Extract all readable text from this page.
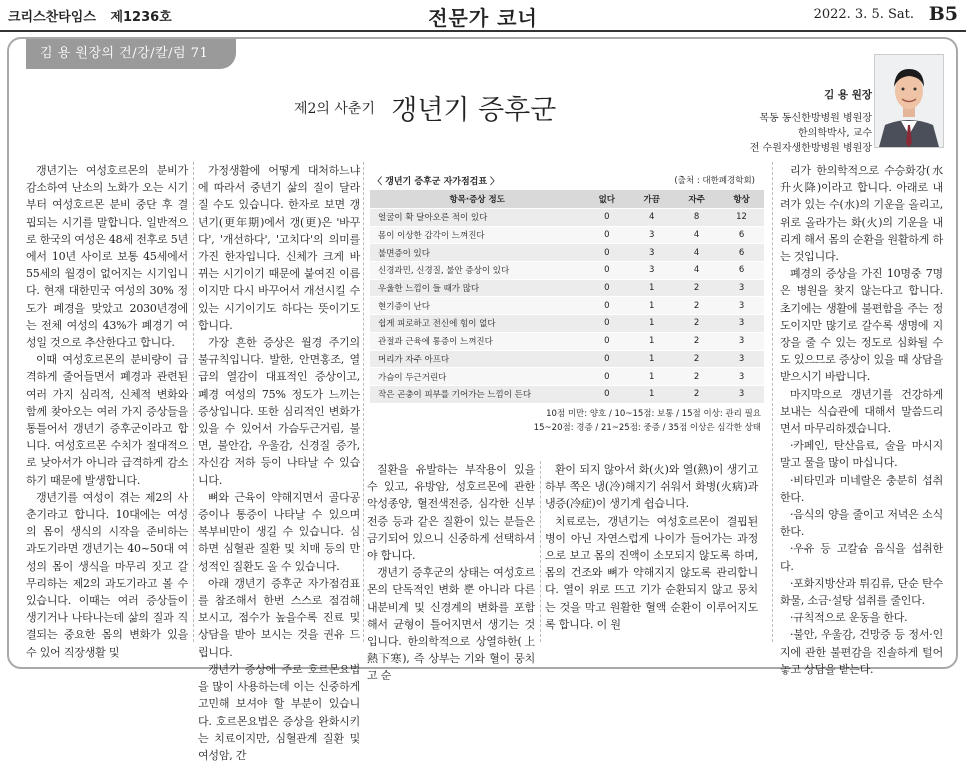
크리스찬타임스 제1236호	전문가 코너	2022. 3. 5. Sat. B5
김 용 원장의 건/강/칼/럼 71
제2의 사춘기 갱년기 증후군	김 용 원장
목동 동신한방병원 병원장
한의학박사, 교수
전 수원자생한방병원 병원장

갱년기는 여성호르몬의 분비가 감소하여 난소의 노화가 오는 시기부터 여성호르몬 분비 중단 후 결핍되는 시기를 말합니다. 일반적으로 한국의 여성은 48세 전후로 5년에서 10년 사이로 보통 45세에서 55세의 월경이 없어지는 시기입니다. 현재 대한민국 여성의 30% 정도가 폐경을 맞았고 2030년경에는 전체 여성의 43%가 폐경기 여성일 것으로 추산한다고 합니다.

이때 여성호르몬의 분비량이 급격하게 줄어들면서 폐경과 관련된 여러 가지 심리적, 신체적 변화와 함께 찾아오는 여러 가지 증상들을 통틀어서 갱년기 증후군이라고 합니다. 여성호르몬 수치가 절대적으로 낮아서가 아니라 급격하게 감소하기 때문에 발생합니다.

갱년기를 여성이 겪는 제2의 사춘기라고 합니다. 10대에는 여성의 몸이 생식의 시작을 준비하는 과도기라면 갱년기는 40~50대 여성의 몸이 생식을 마무리 짓고 갈무리하는 제2의 과도기라고 볼 수 있습니다. 이때는 여러 증상들이 생기거나 나타나는데 삶의 질과 직결되는 중요한 몸의 변화가 있을 수 있어 직장생활 및

가정생활에 어떻게 대처하느냐에 따라서 중년기 삶의 질이 달라질 수도 있습니다. 한자로 보면 갱년기(更年期)에서 갱(更)은 '바꾸다', '개선하다', '고치다'의 의미를 가진 한자입니다. 신체가 크게 바뀌는 시기이기 때문에 붙여진 이름이지만 다시 바꾸어서 개선시킬 수 있는 시기이기도 하다는 뜻이기도 합니다.

가장 흔한 증상은 월경 주기의 불규칙입니다. 발한, 안면홍조, 열급의 열감이 대표적인 증상이고, 폐경 여성의 75% 정도가 느끼는 증상입니다. 또한 심리적인 변화가 있을 수 있어서 가슴두근거림, 불면, 불안감, 우울감, 신경질 증가, 자신감 저하 등이 나타날 수 있습니다.

뼈와 근육이 약해지면서 골다공증이나 통증이 나타날 수 있으며 복부비만이 생길 수 있습니다. 심하면 심혈관 질환 및 치매 등의 만성적인 질환도 올 수 있습니다.

아래 갱년기 증후군 자가점검표를 참조해서 한번 스스로 점검해 보시고, 점수가 높을수록 진료 및 상담을 받아 보시는 것을 권유 드립니다.

갱년기 증상에 주로 호르몬요법을 많이 사용하는데 이는 신중하게 고민해 보셔야 할 부분이 있습니다. 호르몬요법은 증상을 완화시키는 치료이지만, 심혈관계 질환 및 여성암, 간

〈 갱년기 증후군 자가점검표 〉	(출처 : 대한폐경학회)
항목·증상 정도	없다	가끔	자주	항상
얼굴이 확 달아오른 적이 있다	0	4	8	12
몸이 이상한 감각이 느껴진다	0	3	4	6
불면증이 있다	0	3	4	6
신경과민, 신경질, 불안 증상이 있다	0	3	4	6
우울한 느낌이 들 때가 많다	0	1	2	3
현기증이 난다	0	1	2	3
쉽게 피로하고 전신에 힘이 없다	0	1	2	3
관절과 근육에 통증이 느껴진다	0	1	2	3
머리가 자주 아프다	0	1	2	3
가슴이 두근거린다	0	1	2	3
작은 곤충이 피부를 기어가는 느낌이 든다	0	1	2	3
10점 미만: 양호 / 10~15점: 보통 / 15점 이상: 관리 필요
15~20점: 경증 / 21~25점: 중증 / 35점 이상은 심각한 상태

질환을 유발하는 부작용이 있을 수 있고, 유방암, 성호르몬에 관한 악성종양, 혈전색전증, 심각한 신부전증 등과 같은 질환이 있는 분들은 금기되어 있으니 신중하게 선택하셔야 합니다.

갱년기 증후군의 상태는 여성호르몬의 단독적인 변화 뿐 아니라 다른 내분비계 및 신경계의 변화를 포함해서 균형이 틀어지면서 생기는 것입니다. 한의학적으로 상열하한(上熱下寒), 즉 상부는 기와 혈이 뭉치고 순

환이 되지 않아서 화(火)와 열(熱)이 생기고 하부 쪽은 냉(冷)해지기 쉬워서 화병(火病)과 냉증(冷症)이 생기게 쉽습니다.

치료로는, 갱년기는 여성호르몬이 결핍된 병이 아닌 자연스럽게 나이가 들어가는 과정으로 보고 몸의 진액이 소모되지 않도록 하며, 몸의 건조와 뼈가 약해지지 않도록 관리합니다. 열이 위로 뜨고 기가 순환되지 않고 뭉치는 것을 막고 원활한 혈액 순환이 이루어지도록 합니다. 이 원

리가 한의학적으로 수승화강(水升火降)이라고 합니다. 아래로 내려가 있는 수(水)의 기운을 올리고, 위로 올라가는 화(火)의 기운을 내리게 해서 몸의 순환을 원활하게 하는 것입니다.

폐경의 증상을 가진 10명중 7명은 병원을 찾지 않는다고 합니다. 초기에는 생활에 불편함을 주는 정도이지만 많기로 갈수록 생명에 지장을 줄 수 있는 정도로 심화될 수도 있으므로 증상이 있을 때 상담을 받으시기 바랍니다.

마지막으로 갱년기를 건강하게 보내는 식습관에 대해서 말씀드리면서 마무리하겠습니다.

·카페인, 탄산음료, 술을 마시지 말고 물을 많이 마십니다.

·비타민과 미네랄은 충분히 섭취한다.

·음식의 양을 줄이고 저녁은 소식한다.

·우유 등 고칼슘 음식을 섭취한다.

·포화지방산과 튀김류, 단순 탄수화물, 소금·설탕 섭취를 줄인다.

·규칙적으로 운동을 한다.

·불안, 우울감, 건망증 등 정서·인지에 관한 불편감을 진솔하게 털어놓고 상담을 받는다.
